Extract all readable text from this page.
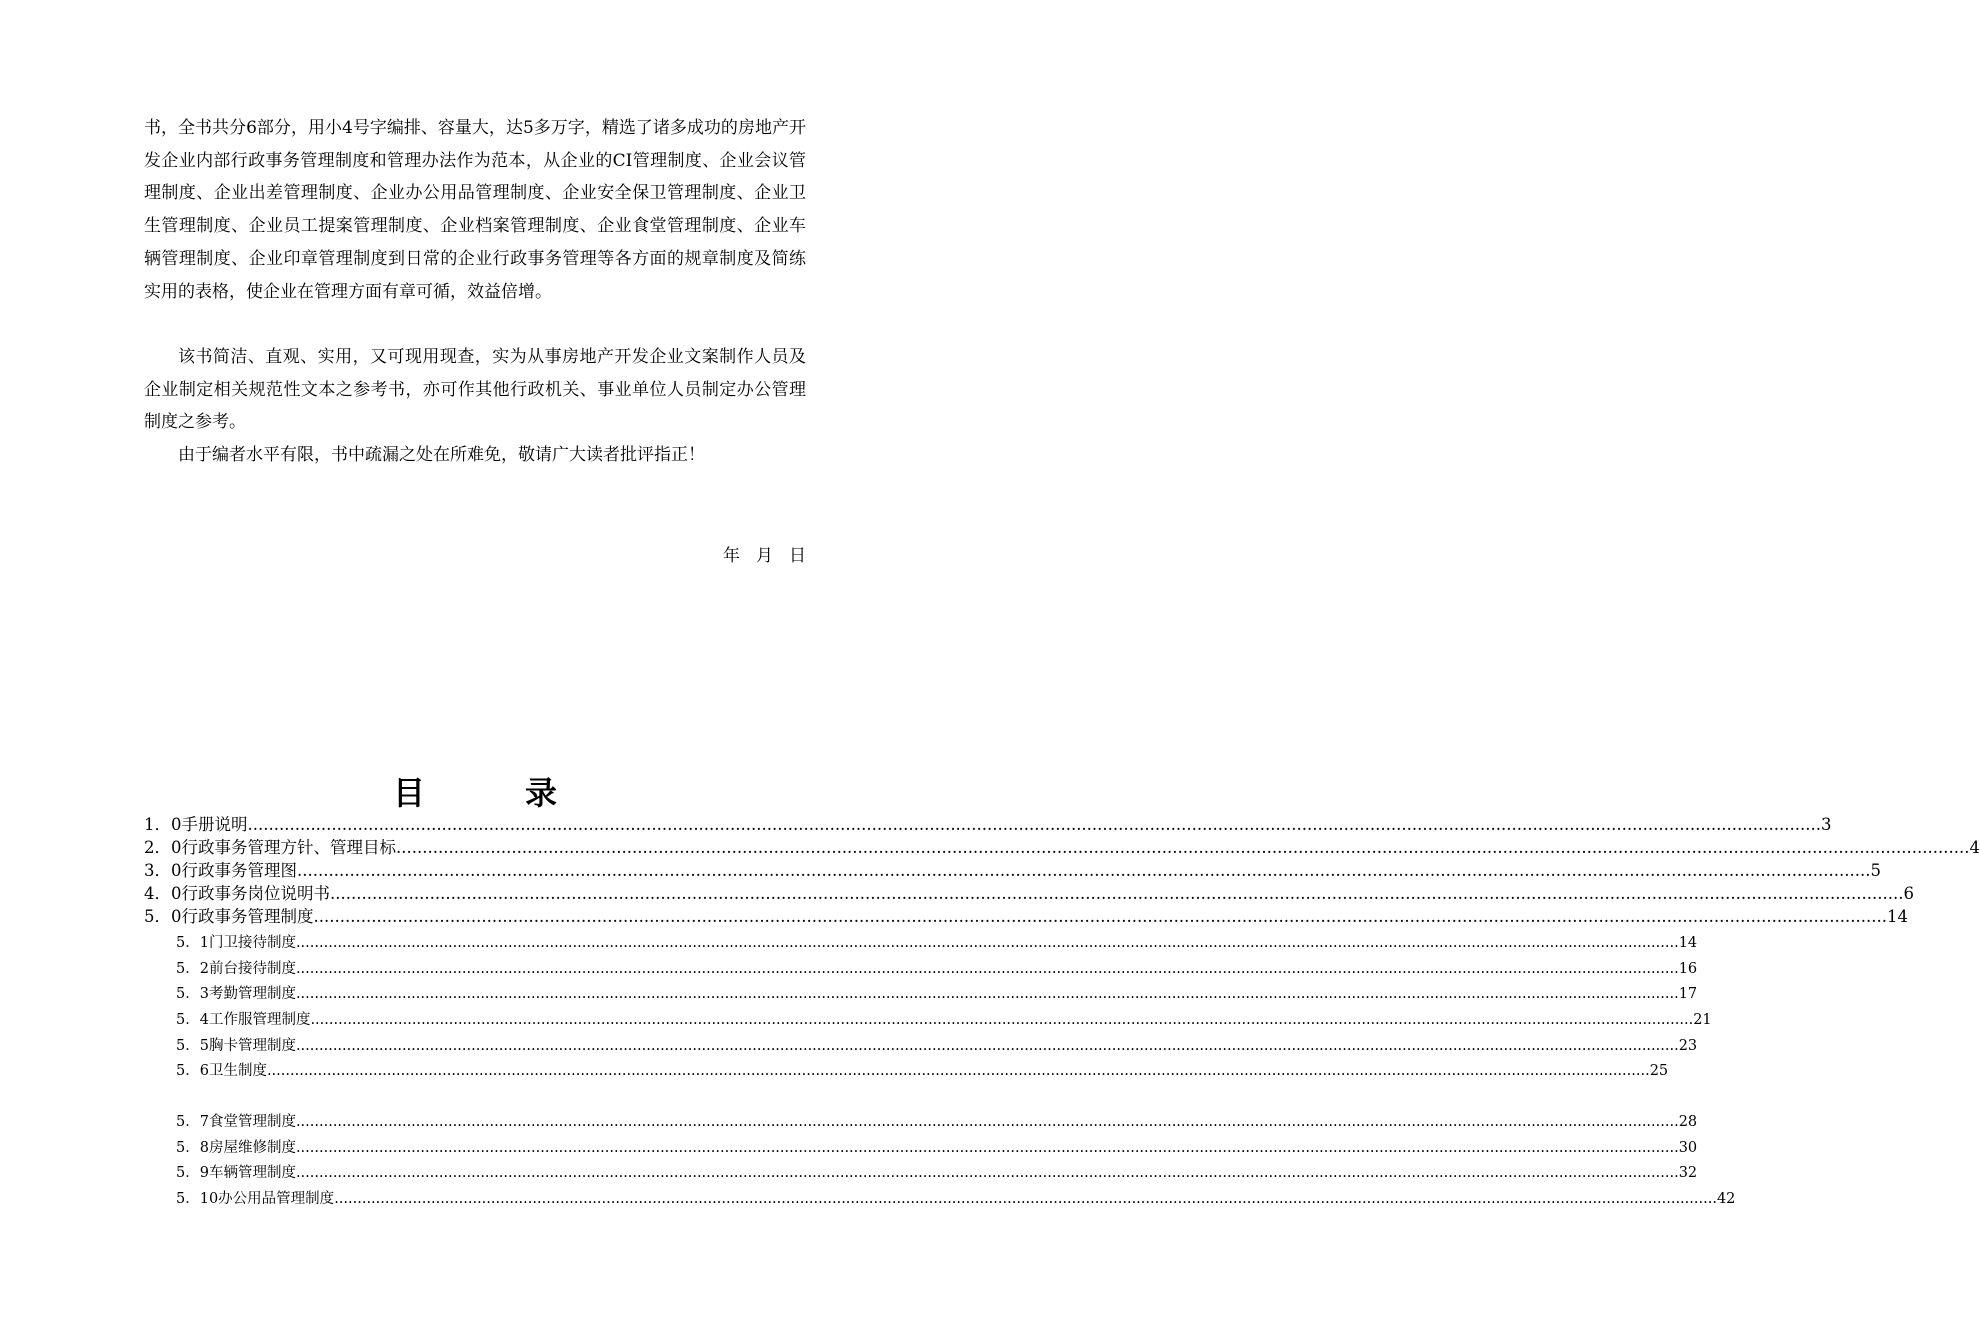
书，全书共分6部分，用小4号字编排、容量大，达5多万字，精选了诸多成功的房地产开发企业内部行政事务管理制度和管理办法作为范本，从企业的CI管理制度、企业会议管理制度、企业出差管理制度、企业办公用品管理制度、企业安全保卫管理制度、企业卫生管理制度、企业员工提案管理制度、企业档案管理制度、企业食堂管理制度、企业车辆管理制度、企业印章管理制度到日常的企业行政事务管理等各方面的规章制度及简练实用的表格，使企业在管理方面有章可循，效益倍增。

该书简洁、直观、实用，又可现用现查，实为从事房地产开发企业文案制作人员及企业制定相关规范性文本之参考书，亦可作其他行政机关、事业单位人员制定办公管理制度之参考。

由于编者水平有限，书中疏漏之处在所难免，敬请广大读者批评指正！

年 月 日
目	录
1．0手册说明 ............................................................................................................................................................................................................................................................................................................ 3
2．0行政事务管理方针、管理目标 ............................................................................................................................................................................................................................................................................................................ 4
3．0行政事务管理图 ............................................................................................................................................................................................................................................................................................................ 5
4．0行政事务岗位说明书 ............................................................................................................................................................................................................................................................................................................ 6
5．0行政事务管理制度 ............................................................................................................................................................................................................................................................................................................ 14
5．1门卫接待制度 ............................................................................................................................................................................................................................................................................................................ 14
5．2前台接待制度 ............................................................................................................................................................................................................................................................................................................ 16
5．3考勤管理制度 ............................................................................................................................................................................................................................................................................................................ 17
5．4工作服管理制度 ............................................................................................................................................................................................................................................................................................................ 21
5．5胸卡管理制度 ............................................................................................................................................................................................................................................................................................................ 23
5．6卫生制度 ............................................................................................................................................................................................................................................................................................................ 25
5．7食堂管理制度 ............................................................................................................................................................................................................................................................................................................ 28
5．8房屋维修制度 ............................................................................................................................................................................................................................................................................................................ 30
5．9车辆管理制度 ............................................................................................................................................................................................................................................................................................................ 32
5．10办公用品管理制度 ............................................................................................................................................................................................................................................................................................................ 42
